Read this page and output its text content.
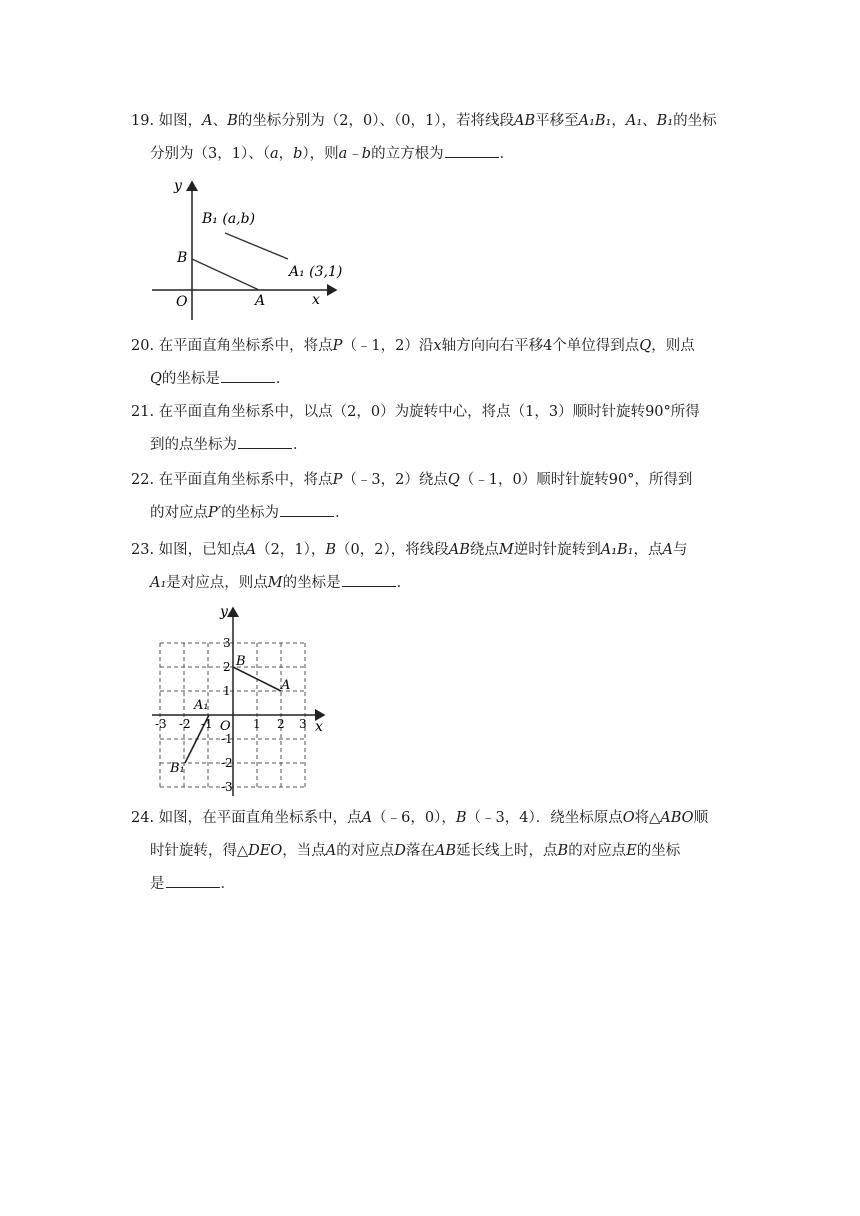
19. 如图，A、B的坐标分别为（2，0）、（0，1），若将线段AB平移至A₁B₁，A₁、B₁的坐标
分别为（3，1）、（a，b），则a﹣b的立方根为	．
y
x
O	A
B
B₁ (a,b)
A₁ (3,1)
20. 在平面直角坐标系中，将点P（﹣1，2）沿x轴方向向右平移4个单位得到点Q，则点
Q的坐标是	．
21. 在平面直角坐标系中，以点（2，0）为旋转中心，将点（1，3）顺时针旋转90°所得
到的点坐标为	．
22. 在平面直角坐标系中，将点P（﹣3，2）绕点Q（﹣1，0）顺时针旋转90°，所得到
的对应点P′的坐标为	．
23. 如图，已知点A（2，1），B（0，2），将线段AB绕点M逆时针旋转到A₁B₁，点A与
A₁是对应点，则点M的坐标是	．
y
x
O
B
A
A₁
B₁
-3 -2 -1	1 2 3
3
2
1
-1
-2
-3
24. 如图，在平面直角坐标系中，点A（﹣6，0），B（﹣3，4）．绕坐标原点O将△ABO顺
时针旋转，得△DEO，当点A的对应点D落在AB延长线上时，点B的对应点E的坐标
是	．
